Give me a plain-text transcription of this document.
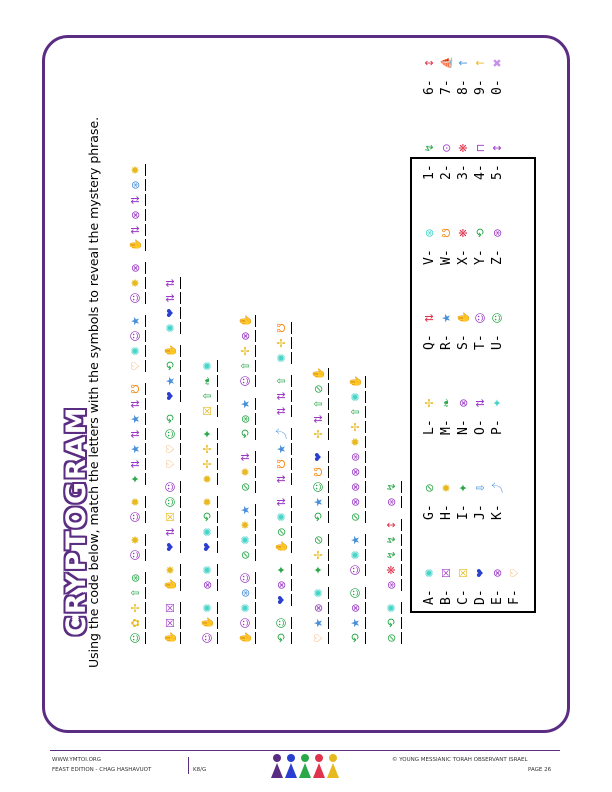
CRYPTOGRAM
Using the code below, match the letters with the symbols to reveal the mystery phrase.	☺
✿
✢
⇧
⊛
☺
✸
☺
✹
✦
⇅
★
⇅
★
⇅
☋
♡
✺
☺
★
☺
✸
⊗
✋
⇅
⊗
⇅
⊛
✸
✋
☒
☒
✋
✸
❤
⇅
☒
☺
☺
♡
♡
☺
⟲
❤
★
⟲
✋
✺
❤
⇅
⇅
☺
✋
✺
⊗
✺
❤
✺
⟲
✹
✹
✢
✢
✦
☒
⇧
❧
✺
✋
☺
✺
⊛
☺
⊘
✺
✸
★
⊘
✹
⇅
⟲
⊛
★
☺
⇧
✢
⊗
✋
⟲
☺
❤
⊗
✦
✋
⊘
✺
⇅
⇅
☋
★
⤴
⇅
⇅
⇧
✺
✢
☋
♡
★
⊗
✺
✦
✢
⊘
⟲
★
☺
☋
❤
✢
⇅
⇧
⊘
✋
⟲
★
⊗
☺
☺
✺
★
⊘
⊗
⊗
⊗
⊛
✹
✢
⇧
✺
✋
⊘
⟲
✺
⊛
❋
↯
↯
↕
⊛
↯
A-✺
G-⊘
L-✢
Q-⇅
V-⊛
1-↯
6-↕
B-☒
H-✸
M-❧
R-★
W-☋
2-⊙
7-⛵
C-☒
I-✦
N-⊗
S-✋
X-❋
3-❋
8-↑
D-❤
J-⇩
O-⇅
T-☺
Y-⟲
4-⊓
9-↑
E-⊗
K-⤴
P-✦
U-☺
Z-⊛
5-↕
0-✖
F-♡
WWW.YMTOI.ORG
FEAST EDITION - CHAG HASHAVUOT	K8/G
© YOUNG MESSIANIC TORAH OBSERVANT ISRAEL
PAGE 26
